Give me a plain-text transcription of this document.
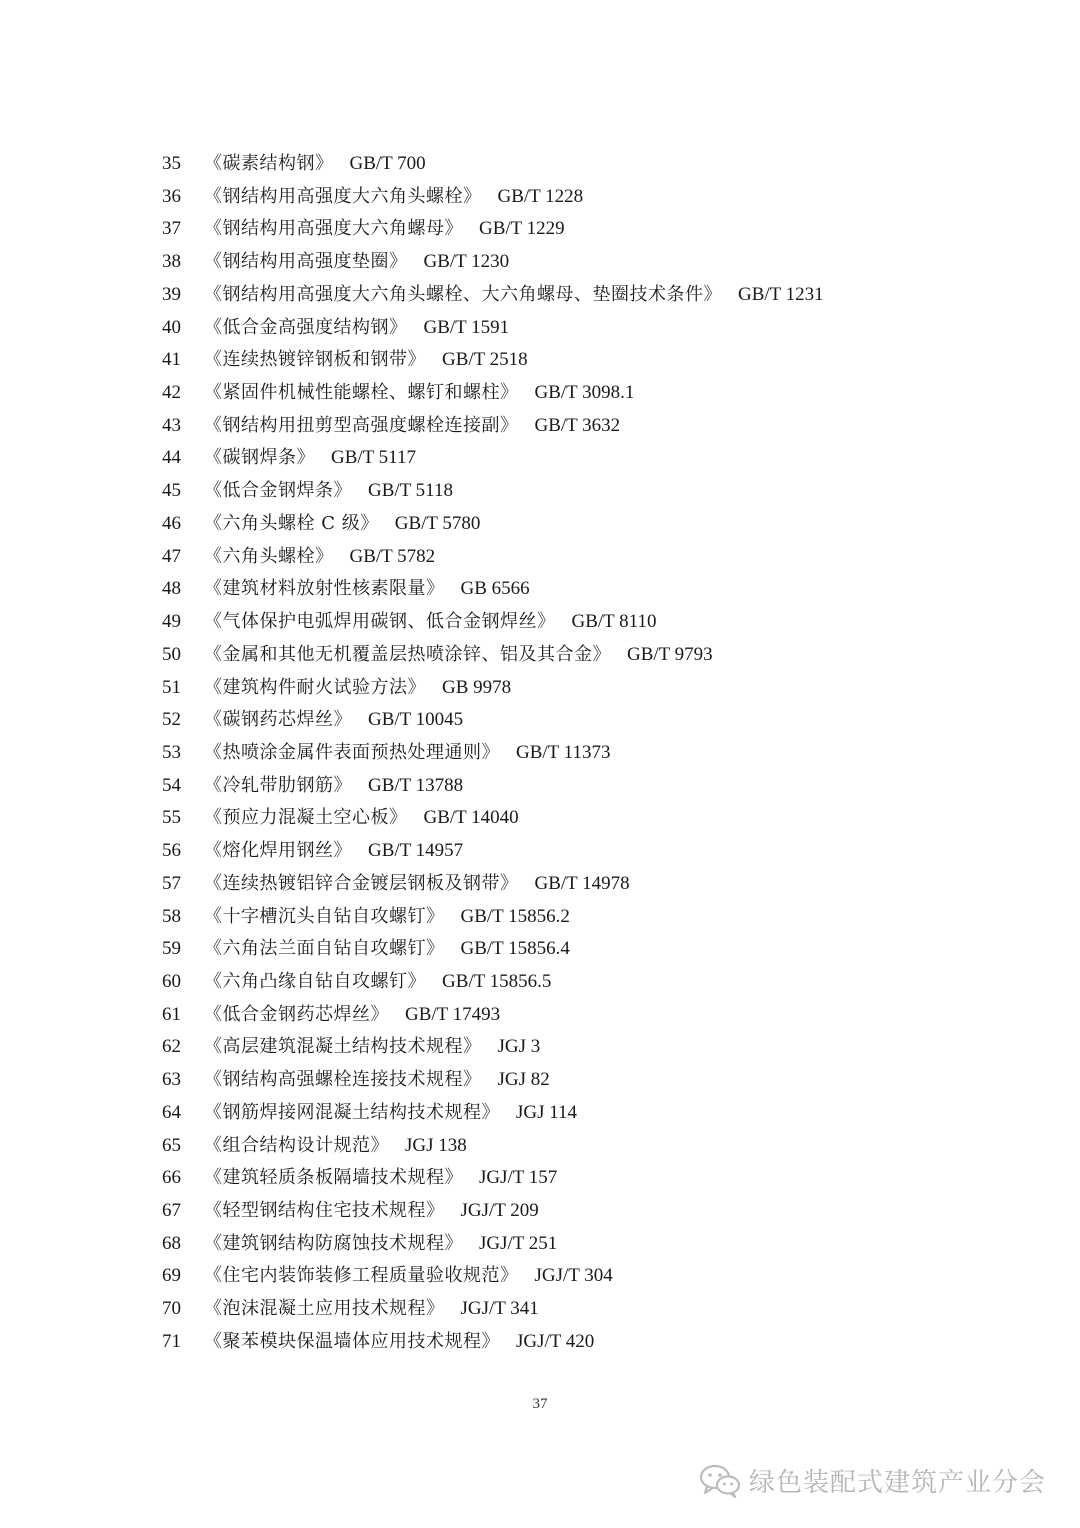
35 《碳素结构钢》 GB/T 700
36 《钢结构用高强度大六角头螺栓》 GB/T 1228
37 《钢结构用高强度大六角螺母》 GB/T 1229
38 《钢结构用高强度垫圈》 GB/T 1230
39 《钢结构用高强度大六角头螺栓、大六角螺母、垫圈技术条件》 GB/T 1231
40 《低合金高强度结构钢》 GB/T 1591
41 《连续热镀锌钢板和钢带》 GB/T 2518
42 《紧固件机械性能螺栓、螺钉和螺柱》 GB/T 3098.1
43 《钢结构用扭剪型高强度螺栓连接副》 GB/T 3632
44 《碳钢焊条》 GB/T 5117
45 《低合金钢焊条》 GB/T 5118
46 《六角头螺栓 C 级》 GB/T 5780
47 《六角头螺栓》 GB/T 5782
48 《建筑材料放射性核素限量》 GB 6566
49 《气体保护电弧焊用碳钢、低合金钢焊丝》 GB/T 8110
50 《金属和其他无机覆盖层热喷涂锌、铝及其合金》 GB/T 9793
51 《建筑构件耐火试验方法》 GB 9978
52 《碳钢药芯焊丝》 GB/T 10045
53 《热喷涂金属件表面预热处理通则》 GB/T 11373
54 《冷轧带肋钢筋》 GB/T 13788
55 《预应力混凝土空心板》 GB/T 14040
56 《熔化焊用钢丝》 GB/T 14957
57 《连续热镀铝锌合金镀层钢板及钢带》 GB/T 14978
58 《十字槽沉头自钻自攻螺钉》 GB/T 15856.2
59 《六角法兰面自钻自攻螺钉》 GB/T 15856.4
60 《六角凸缘自钻自攻螺钉》 GB/T 15856.5
61 《低合金钢药芯焊丝》 GB/T 17493
62 《高层建筑混凝土结构技术规程》 JGJ 3
63 《钢结构高强螺栓连接技术规程》 JGJ 82
64 《钢筋焊接网混凝土结构技术规程》 JGJ 114
65 《组合结构设计规范》 JGJ 138
66 《建筑轻质条板隔墙技术规程》 JGJ/T 157
67 《轻型钢结构住宅技术规程》 JGJ/T 209
68 《建筑钢结构防腐蚀技术规程》 JGJ/T 251
69 《住宅内装饰装修工程质量验收规范》 JGJ/T 304
70 《泡沫混凝土应用技术规程》 JGJ/T 341
71 《聚苯模块保温墙体应用技术规程》 JGJ/T 420
37
绿色装配式建筑产业分会
